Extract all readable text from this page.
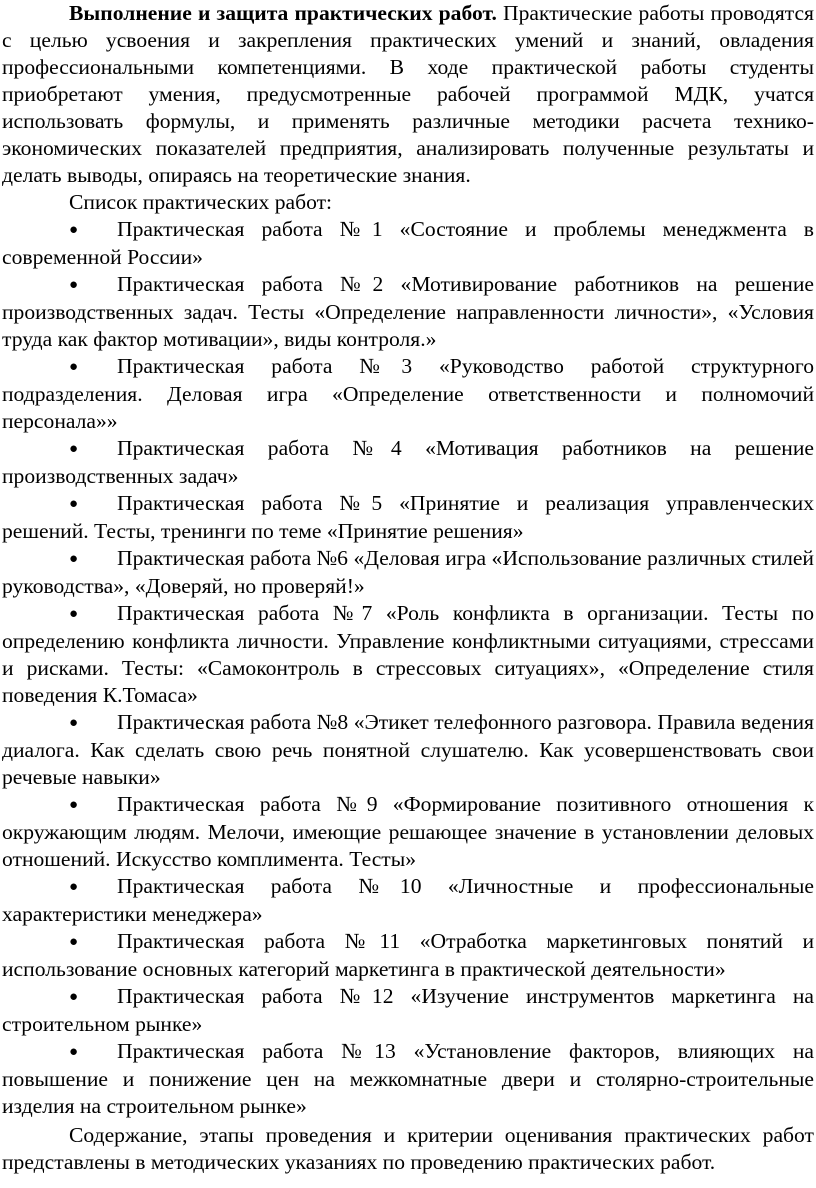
Выполнение и защита практических работ. Практические работы проводятся с целью усвоения и закрепления практических умений и знаний, овладения профессиональными компетенциями. В ходе практической работы студенты приобретают умения, предусмотренные рабочей программой МДК, учатся использовать формулы, и применять различные методики расчета технико-экономических показателей предприятия, анализировать полученные результаты и делать выводы, опираясь на теоретические знания.

Список практических работ:

● Практическая работа №1 «Состояние и проблемы менеджмента в современной России»
● Практическая работа №2 «Мотивирование работников на решение производственных задач. Тесты «Определение направленности личности», «Условия труда как фактор мотивации», виды контроля.»
● Практическая работа №3 «Руководство работой структурного подразделения. Деловая игра «Определение ответственности и полномочий персонала»»
● Практическая работа №4 «Мотивация работников на решение производственных задач»
● Практическая работа №5 «Принятие и реализация управленческих решений. Тесты, тренинги по теме «Принятие решения»
● Практическая работа №6 «Деловая игра «Использование различных стилей руководства», «Доверяй, но проверяй!»
● Практическая работа №7 «Роль конфликта в организации. Тесты по определению конфликта личности. Управление конфликтными ситуациями, стрессами и рисками. Тесты: «Самоконтроль в стрессовых ситуациях», «Определение стиля поведения К.Томаса»
● Практическая работа №8 «Этикет телефонного разговора. Правила ведения диалога. Как сделать свою речь понятной слушателю. Как усовершенствовать свои речевые навыки»
● Практическая работа №9 «Формирование позитивного отношения к окружающим людям. Мелочи, имеющие решающее значение в установлении деловых отношений. Искусство комплимента. Тесты»
● Практическая работа №10 «Личностные и профессиональные характеристики менеджера»
● Практическая работа №11 «Отработка маркетинговых понятий и использование основных категорий маркетинга в практической деятельности»
● Практическая работа №12 «Изучение инструментов маркетинга на строительном рынке»
● Практическая работа №13 «Установление факторов, влияющих на повышение и понижение цен на межкомнатные двери и столярно-строительные изделия на строительном рынке»

Содержание, этапы проведения и критерии оценивания практических работ представлены в методических указаниях по проведению практических работ.
